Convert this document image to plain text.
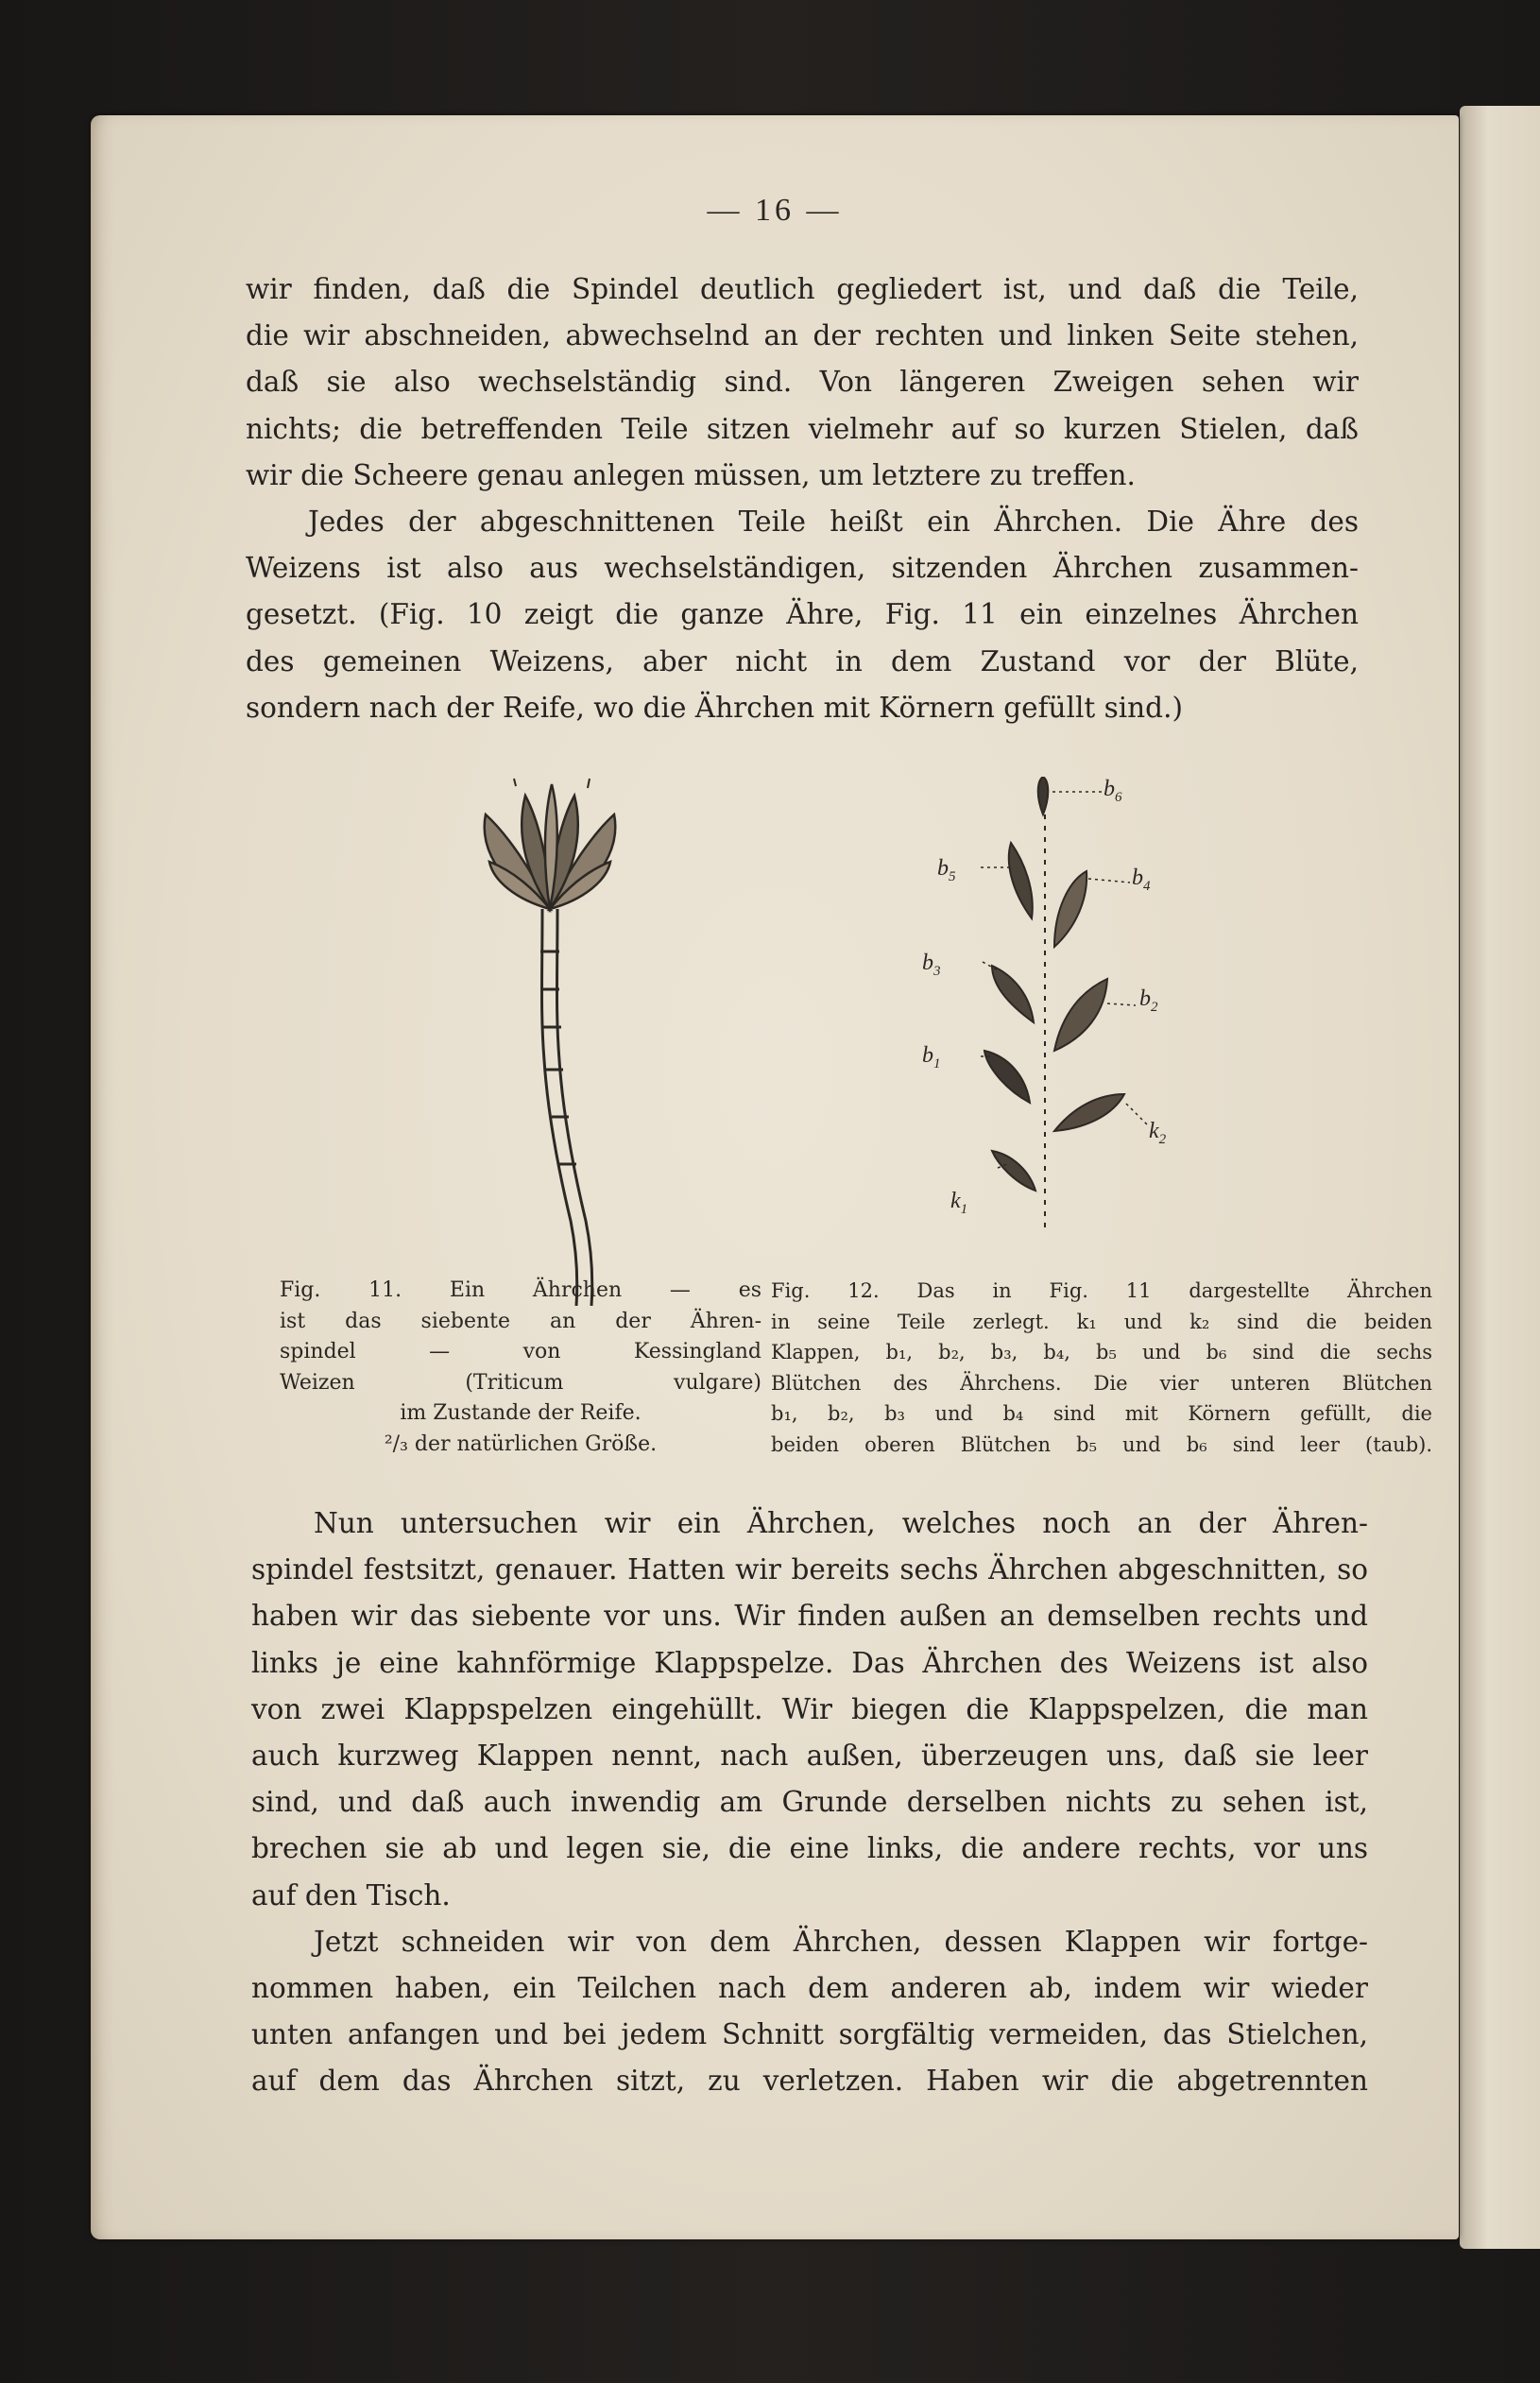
— 16 —
wir finden, daß die Spindel deutlich gegliedert ist, und daß die Teile,
die wir abschneiden, abwechselnd an der rechten und linken Seite stehen,
daß sie also wechselständig sind. Von längeren Zweigen sehen wir
nichts; die betreffenden Teile sitzen vielmehr auf so kurzen Stielen, daß
wir die Scheere genau anlegen müssen, um letztere zu treffen.
Jedes der abgeschnittenen Teile heißt ein Ährchen. Die Ähre des
Weizens ist also aus wechselständigen, sitzenden Ährchen zusammen-
gesetzt. (Fig. 10 zeigt die ganze Ähre, Fig. 11 ein einzelnes Ährchen
des gemeinen Weizens, aber nicht in dem Zustand vor der Blüte,
sondern nach der Reife, wo die Ährchen mit Körnern gefüllt sind.)
$b_6$
$b_5$	$b_4$
$b_3$
$b_2$
$b_1$
$k_2$
$k_1$
Fig. 11. Ein Ährchen — es
ist das siebente an der Ähren-
spindel — von Kessingland
Weizen (Triticum vulgare)
im Zustande der Reife.
²/₃ der natürlichen Größe.
Fig. 12. Das in Fig. 11 dargestellte Ährchen
in seine Teile zerlegt. k₁ und k₂ sind die beiden
Klappen, b₁, b₂, b₃, b₄, b₅ und b₆ sind die sechs
Blütchen des Ährchens. Die vier unteren Blütchen
b₁, b₂, b₃ und b₄ sind mit Körnern gefüllt, die
beiden oberen Blütchen b₅ und b₆ sind leer (taub).
Nun untersuchen wir ein Ährchen, welches noch an der Ähren-
spindel festsitzt, genauer. Hatten wir bereits sechs Ährchen abgeschnitten, so
haben wir das siebente vor uns. Wir finden außen an demselben rechts und
links je eine kahnförmige Klappspelze. Das Ährchen des Weizens ist also
von zwei Klappspelzen eingehüllt. Wir biegen die Klappspelzen, die man
auch kurzweg Klappen nennt, nach außen, überzeugen uns, daß sie leer
sind, und daß auch inwendig am Grunde derselben nichts zu sehen ist,
brechen sie ab und legen sie, die eine links, die andere rechts, vor uns
auf den Tisch.
Jetzt schneiden wir von dem Ährchen, dessen Klappen wir fortge-
nommen haben, ein Teilchen nach dem anderen ab, indem wir wieder
unten anfangen und bei jedem Schnitt sorgfältig vermeiden, das Stielchen,
auf dem das Ährchen sitzt, zu verletzen. Haben wir die abgetrennten
